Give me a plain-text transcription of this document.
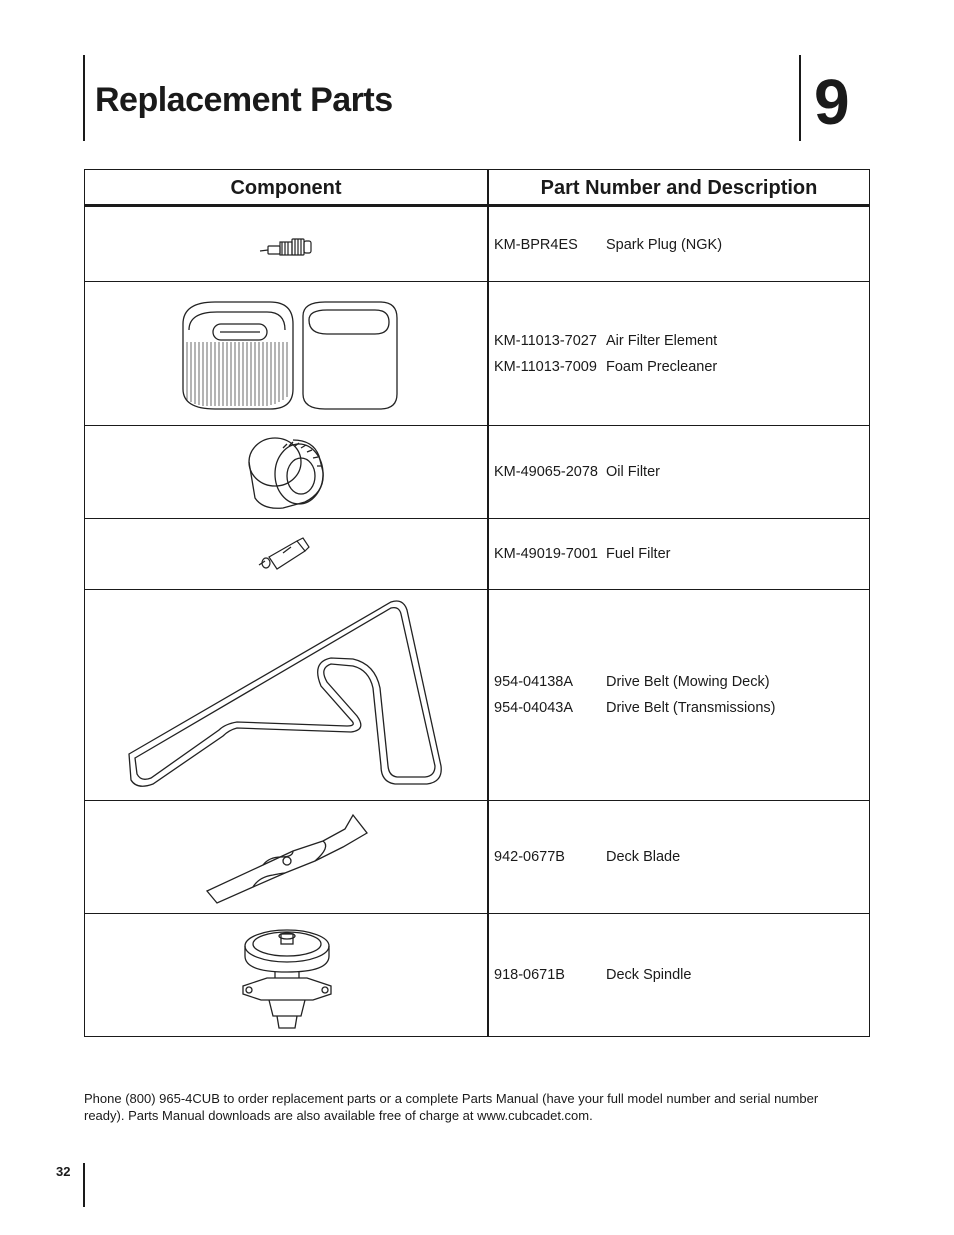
Replacement Parts	9
Component	Part Number and Description
KM-BPR4ES	Spark Plug (NGK)
KM-11013-7027 Air Filter Element
KM-11013-7009 Foam Precleaner
KM-49065-2078 Oil Filter
KM-49019-7001 Fuel Filter
954-04138A	Drive Belt (Mowing Deck)
954-04043A	Drive Belt (Transmissions)
942-0677B	Deck Blade
918-0671B	Deck Spindle

Phone (800) 965-4CUB to order replacement parts or a complete Parts Manual (have your full model number and serial number ready). Parts Manual downloads are also available free of charge at www.cubcadet.com.

32
